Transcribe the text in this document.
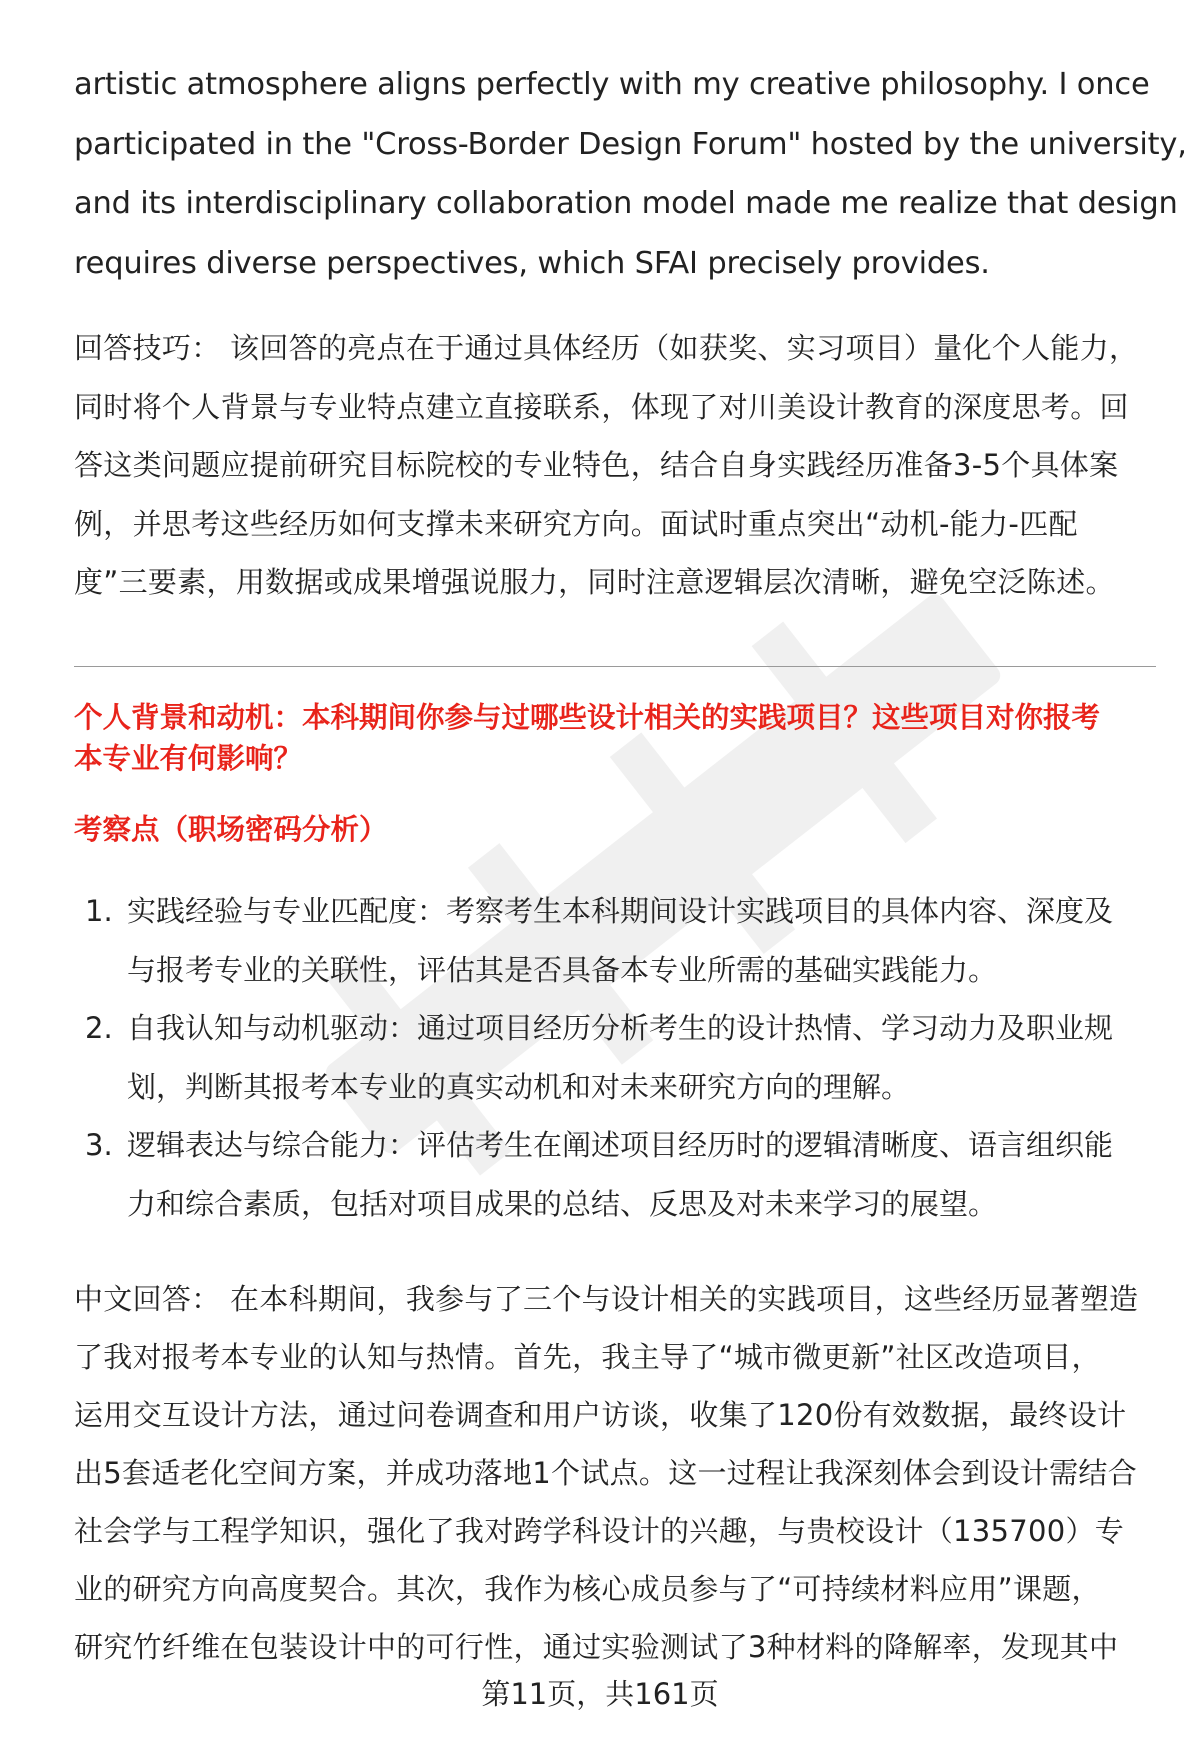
artistic atmosphere aligns perfectly with my creative philosophy. I once
participated in the "Cross-Border Design Forum" hosted by the university,
and its interdisciplinary collaboration model made me realize that design
requires diverse perspectives, which SFAI precisely provides.
回答技巧： 该回答的亮点在于通过具体经历（如获奖、实习项目）量化个人能力，
同时将个人背景与专业特点建立直接联系，体现了对川美设计教育的深度思考。回
答这类问题应提前研究目标院校的专业特色，结合自身实践经历准备3-5个具体案
例，并思考这些经历如何支撑未来研究方向。面试时重点突出“动机-能力-匹配
度”三要素，用数据或成果增强说服力，同时注意逻辑层次清晰，避免空泛陈述。
个人背景和动机：本科期间你参与过哪些设计相关的实践项目？这些项目对你报考
本专业有何影响？
考察点（职场密码分析）
1. 实践经验与专业匹配度：考察考生本科期间设计实践项目的具体内容、深度及
与报考专业的关联性，评估其是否具备本专业所需的基础实践能力。
2. 自我认知与动机驱动：通过项目经历分析考生的设计热情、学习动力及职业规
划，判断其报考本专业的真实动机和对未来研究方向的理解。
3. 逻辑表达与综合能力：评估考生在阐述项目经历时的逻辑清晰度、语言组织能
力和综合素质，包括对项目成果的总结、反思及对未来学习的展望。
中文回答： 在本科期间，我参与了三个与设计相关的实践项目，这些经历显著塑造
了我对报考本专业的认知与热情。首先，我主导了“城市微更新”社区改造项目，
运用交互设计方法，通过问卷调查和用户访谈，收集了120份有效数据，最终设计
出5套适老化空间方案，并成功落地1个试点。这一过程让我深刻体会到设计需结合
社会学与工程学知识，强化了我对跨学科设计的兴趣，与贵校设计（135700）专
业的研究方向高度契合。其次，我作为核心成员参与了“可持续材料应用”课题，
研究竹纤维在包装设计中的可行性，通过实验测试了3种材料的降解率，发现其中
第11页，共161页
